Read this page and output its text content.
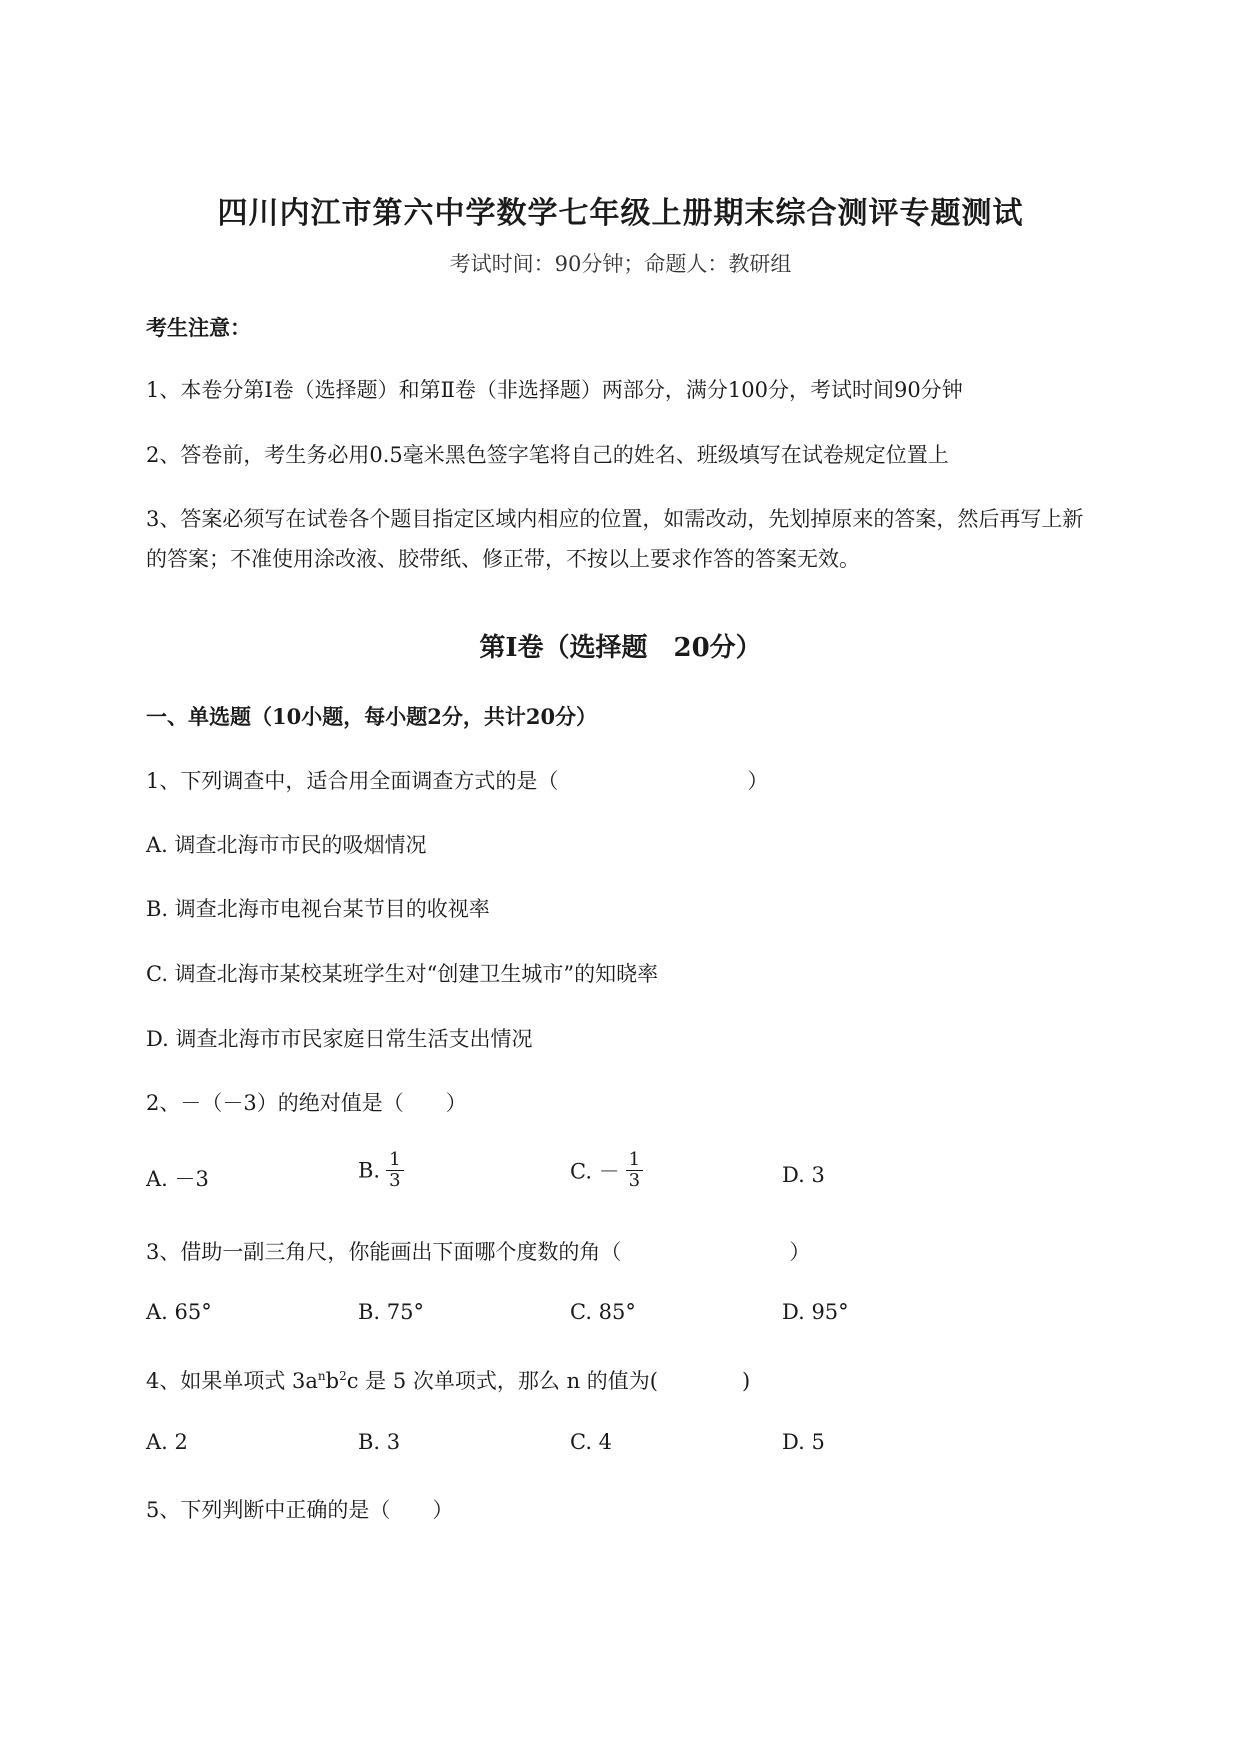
四川内江市第六中学数学七年级上册期末综合测评专题测试
考试时间：90分钟；命题人：教研组
考生注意：
1、本卷分第I卷（选择题）和第Ⅱ卷（非选择题）两部分，满分100分，考试时间90分钟
2、答卷前，考生务必用0.5毫米黑色签字笔将自己的姓名、班级填写在试卷规定位置上
3、答案必须写在试卷各个题目指定区域内相应的位置，如需改动，先划掉原来的答案，然后再写上新
的答案；不准使用涂改液、胶带纸、修正带，不按以上要求作答的答案无效。
第I卷（选择题　20分）
一、单选题（10小题，每小题2分，共计20分）
1、下列调查中，适合用全面调查方式的是（　　　　　　　　　）
A. 调查北海市市民的吸烟情况
B. 调查北海市电视台某节目的收视率
C. 调查北海市某校某班学生对“创建卫生城市”的知晓率
D. 调查北海市市民家庭日常生活支出情况
2、－（－3）的绝对值是（　　）
A. －3	B. $\frac{1}{3}$	C. － $\frac{1}{3}$	D. 3
3、借助一副三角尺，你能画出下面哪个度数的角（　　　　　　　　）
A. 65°	B. 75°	C. 85°	D. 95°
4、如果单项式 $3a^nb^2c$ 是 5 次单项式，那么 n 的值为(　　　　)
A. 2	B. 3	C. 4	D. 5
5、下列判断中正确的是（　　）
